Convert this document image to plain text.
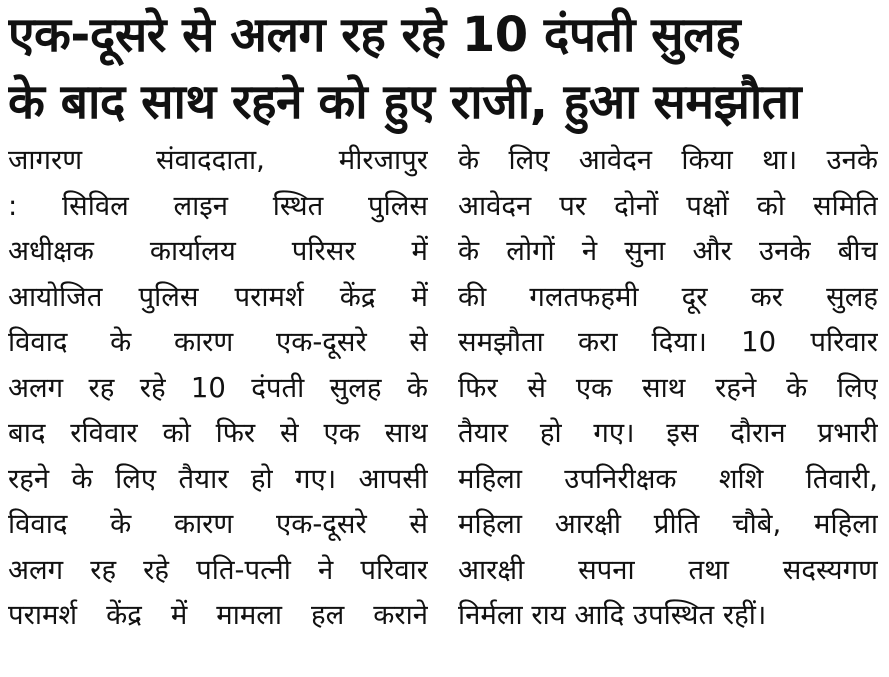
एक-दूसरे से अलग रह रहे 10 दंपती सुलह
के बाद साथ रहने को हुए राजी, हुआ समझौता
जागरण संवाददाता, मीरजापुर
: सिविल लाइन स्थित पुलिस
अधीक्षक कार्यालय परिसर में
आयोजित पुलिस परामर्श केंद्र में
विवाद के कारण एक-दूसरे से
अलग रह रहे 10 दंपती सुलह के
बाद रविवार को फिर से एक साथ
रहने के लिए तैयार हो गए। आपसी
विवाद के कारण एक-दूसरे से
अलग रह रहे पति-पत्नी ने परिवार
परामर्श केंद्र में मामला हल कराने
के लिए आवेदन किया था। उनके
आवेदन पर दोनों पक्षों को समिति
के लोगों ने सुना और उनके बीच
की गलतफहमी दूर कर सुलह
समझौता करा दिया। 10 परिवार
फिर से एक साथ रहने के लिए
तैयार हो गए। इस दौरान प्रभारी
महिला उपनिरीक्षक शशि तिवारी,
महिला आरक्षी प्रीति चौबे, महिला
आरक्षी सपना तथा सदस्यगण
निर्मला राय आदि उपस्थित रहीं।
